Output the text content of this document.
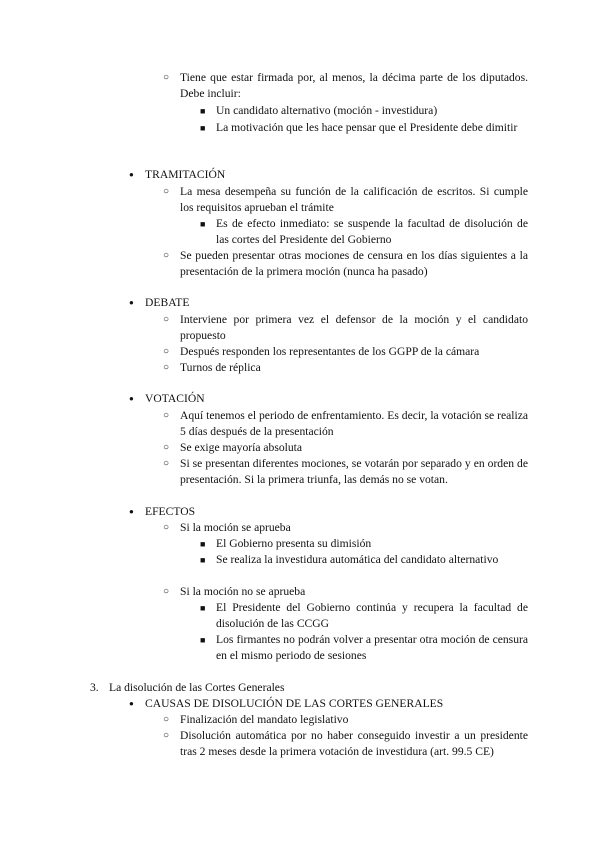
○ Tiene que estar firmada por, al menos, la décima parte de los diputados. Debe incluir:
■ Un candidato alternativo (moción - investidura)
■ La motivación que les hace pensar que el Presidente debe dimitir
● TRAMITACIÓN
○ La mesa desempeña su función de la calificación de escritos. Si cumple los requisitos aprueban el trámite
■ Es de efecto inmediato: se suspende la facultad de disolución de las cortes del Presidente del Gobierno
○ Se pueden presentar otras mociones de censura en los días siguientes a la presentación de la primera moción (nunca ha pasado)
● DEBATE
○ Interviene por primera vez el defensor de la moción y el candidato propuesto
○ Después responden los representantes de los GGPP de la cámara
○ Turnos de réplica
● VOTACIÓN
○ Aquí tenemos el periodo de enfrentamiento. Es decir, la votación se realiza 5 días después de la presentación
○ Se exige mayoría absoluta
○ Si se presentan diferentes mociones, se votarán por separado y en orden de presentación. Si la primera triunfa, las demás no se votan.
● EFECTOS
○ Si la moción se aprueba
■ El Gobierno presenta su dimisión
■ Se realiza la investidura automática del candidato alternativo
○ Si la moción no se aprueba
■ El Presidente del Gobierno continúa y recupera la facultad de disolución de las CCGG
■ Los firmantes no podrán volver a presentar otra moción de censura en el mismo periodo de sesiones
3. La disolución de las Cortes Generales
● CAUSAS DE DISOLUCIÓN DE LAS CORTES GENERALES
○ Finalización del mandato legislativo
○ Disolución automática por no haber conseguido investir a un presidente tras 2 meses desde la primera votación de investidura (art. 99.5 CE)
